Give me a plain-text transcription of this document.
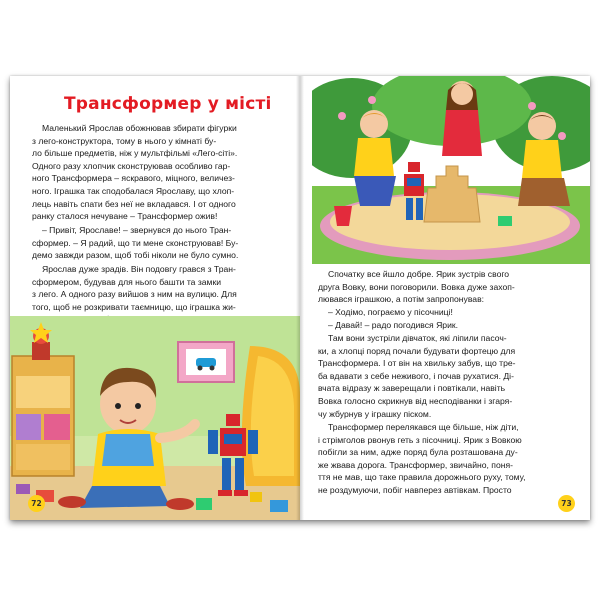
Трансформер у місті
Маленький Ярослав обожнював збирати фігурки
з лего-конструктора, тому в нього у кімнаті бу-
ло більше предметів, ніж у мультфільмі «Лего-сіті».
Одного разу хлопчик сконструював особливо гар-
ного Трансформера – яскравого, міцного, величез-
ного. Іграшка так сподобалася Ярославу, що хлоп-
лець навіть спати без неї не вкладався. І от одного
ранку сталося нечуване – Трансформер ожив!
– Привіт, Ярославе! – звернувся до нього Тран-
сформер. – Я радий, що ти мене сконструював! Бу-
демо завжди разом, щоб тобі ніколи не було сумно.
Ярослав дуже зрадів. Він подовгу грався з Тран-
сформером, будував для нього башти та замки
з лего. А одного разу вийшов з ним на вулицю. Для
того, щоб не розкривати таємницю, що іграшка жи-
72
Спочатку все йшло добре. Ярик зустрів свого
друга Вовку, вони поговорили. Вовка дуже захоп-
лювався іграшкою, а потім запропонував:
– Ходімо, пограємо у пісочниці!
– Давай! – радо погодився Ярик.
Там вони зустріли дівчаток, які ліпили пасоч-
ки, а хлопці поряд почали будувати фортецю для
Трансформера. І от він на хвильку забув, що тре-
ба вдавати з себе неживого, і почав рухатися. Ді-
вчата відразу ж заверещали і повтікали, навіть
Вовка голосно скрикнув від несподіванки і згаря-
чу жбурнув у іграшку піском.
Трансформер перелякався ще більше, ніж діти,
і стрімголов рвонув геть з пісочниці. Ярик з Вовкою
побігли за ним, адже поряд була розташована ду-
же жвава дорога. Трансформер, звичайно, поня-
ття не мав, що таке правила дорожнього руху, тому,
не роздумуючи, побіг навперез автівкам. Просто
73
